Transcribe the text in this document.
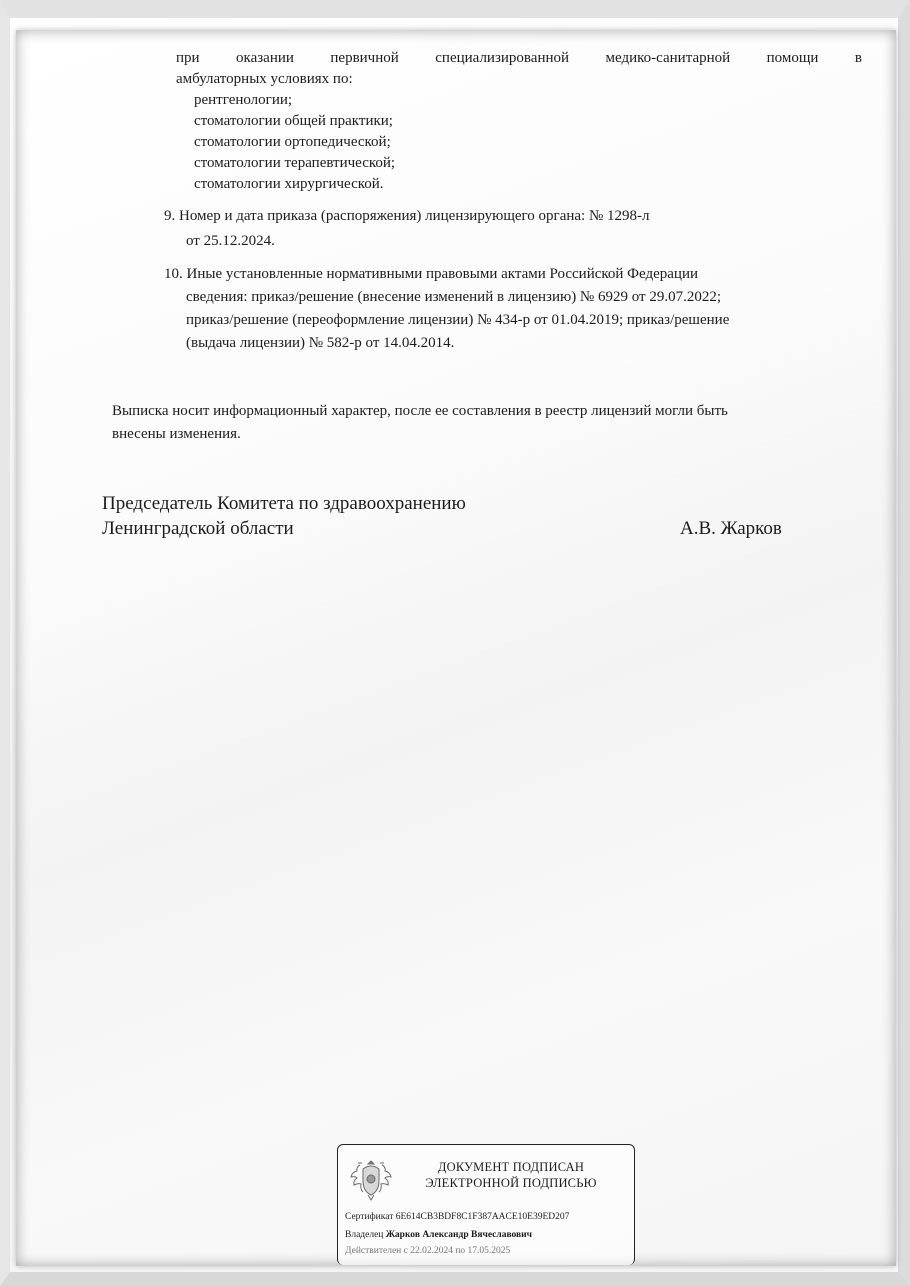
при оказании первичной специализированной медико-санитарной помощи в
амбулаторных условиях по:
рентгенологии;
стоматологии общей практики;
стоматологии ортопедической;
стоматологии терапевтической;
стоматологии хирургической.
9. Номер и дата приказа (распоряжения) лицензирующего органа: № 1298-л
от 25.12.2024.
10. Иные установленные нормативными правовыми актами Российской Федерации
сведения: приказ/решение (внесение изменений в лицензию) № 6929 от 29.07.2022;
приказ/решение (переоформление лицензии) № 434-р от 01.04.2019; приказ/решение
(выдача лицензии) № 582-р от 14.04.2014.
Выписка носит информационный характер, после ее составления в реестр лицензий могли быть
внесены изменения.
Председатель Комитета по здравоохранению
Ленинградской области	А.В. Жарков
ДОКУМЕНТ ПОДПИСАН
ЭЛЕКТРОННОЙ ПОДПИСЬЮ
Сертификат 6E614CB3BDF8C1F387AACE10E39ED207
Владелец Жарков Александр Вячеславович
Действителен с 22.02.2024 по 17.05.2025
